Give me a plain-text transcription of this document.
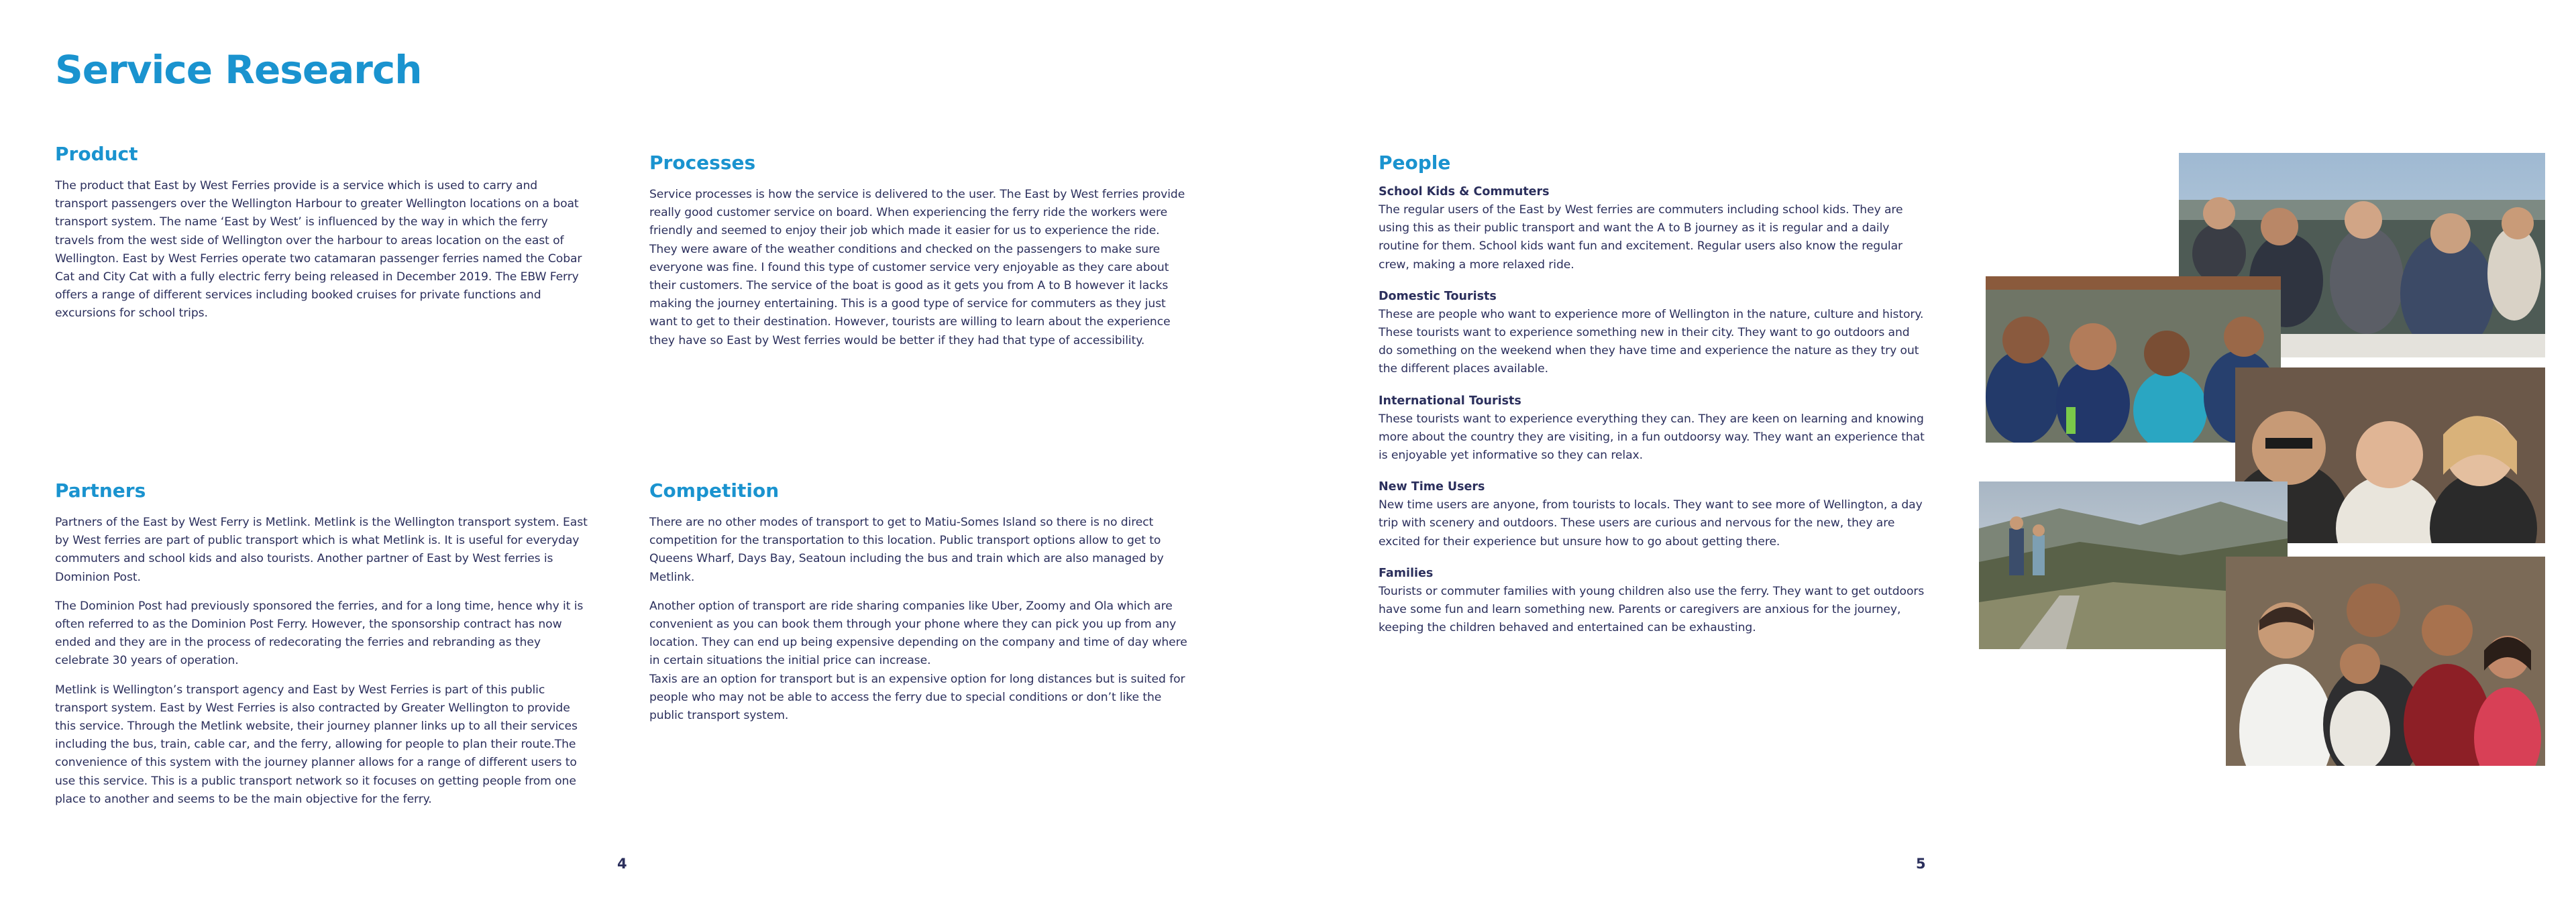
Service Research
Product

The product that East by West Ferries provide is a service which is used to carry and transport passengers over the Wellington Harbour to greater Wellington locations on a boat transport system. The name ‘East by West’ is influenced by the way in which the ferry travels from the west side of Wellington over the harbour to areas location on the east of Wellington. East by West Ferries operate two catamaran passenger ferries named the Cobar Cat and City Cat with a fully electric ferry being released in December 2019. The EBW Ferry offers a range of different services including booked cruises for private functions and excursions for school trips.

Processes

Service processes is how the service is delivered to the user. The East by West ferries provide really good customer service on board. When experiencing the ferry ride the workers were friendly and seemed to enjoy their job which made it easier for us to experience the ride. They were aware of the weather conditions and checked on the passengers to make sure everyone was fine. I found this type of customer service very enjoyable as they care about their customers. The service of the boat is good as it gets you from A to B however it lacks making the journey entertaining. This is a good type of service for commuters as they just want to get to their destination. However, tourists are willing to learn about the experience they have so East by West ferries would be better if they had that type of accessibility.

Partners

Partners of the East by West Ferry is Metlink. Metlink is the Wellington transport system. East by West ferries are part of public transport which is what Metlink is. It is useful for everyday commuters and school kids and also tourists. Another partner of East by West ferries is Dominion Post.

The Dominion Post had previously sponsored the ferries, and for a long time, hence why it is often referred to as the Dominion Post Ferry. However, the sponsorship contract has now ended and they are in the process of redecorating the ferries and rebranding as they celebrate 30 years of operation.

Metlink is Wellington’s transport agency and East by West Ferries is part of this public transport system. East by West Ferries is also contracted by Greater Wellington to provide this service. Through the Metlink website, their journey planner links up to all their services including the bus, train, cable car, and the ferry, allowing for people to plan their route.The convenience of this system with the journey planner allows for a range of different users to use this service. This is a public transport network so it focuses on getting people from one place to another and seems to be the main objective for the ferry.

Competition

There are no other modes of transport to get to Matiu-Somes Island so there is no direct competition for the transportation to this location. Public transport options allow to get to Queens Wharf, Days Bay, Seatoun including the bus and train which are also managed by Metlink.

Another option of transport are ride sharing companies like Uber, Zoomy and Ola which are convenient as you can book them through your phone where they can pick you up from any location. They can end up being expensive depending on the company and time of day where in certain situations the initial price can increase.

Taxis are an option for transport but is an expensive option for long distances but is suited for people who may not be able to access the ferry due to special conditions or don’t like the public transport system.

People
School Kids & Commuters

The regular users of the East by West ferries are commuters including school kids. They are using this as their public transport and want the A to B journey as it is regular and a daily routine for them. School kids want fun and excitement. Regular users also know the regular crew, making a more relaxed ride.

Domestic Tourists

These are people who want to experience more of Wellington in the nature, culture and history. These tourists want to experience something new in their city. They want to go outdoors and do something on the weekend when they have time and experience the nature as they try out the different places available.

International Tourists

These tourists want to experience everything they can. They are keen on learning and knowing more about the country they are visiting, in a fun outdoorsy way. They want an experience that is enjoyable yet informative so they can relax.

New Time Users

New time users are anyone, from tourists to locals. They want to see more of Wellington, a day trip with scenery and outdoors. These users are curious and nervous for the new, they are excited for their experience but unsure how to go about getting there.

Families

Tourists or commuter families with young children also use the ferry. They want to get outdoors have some fun and learn something new. Parents or caregivers are anxious for the journey, keeping the children behaved and entertained can be exhausting.

4	5
